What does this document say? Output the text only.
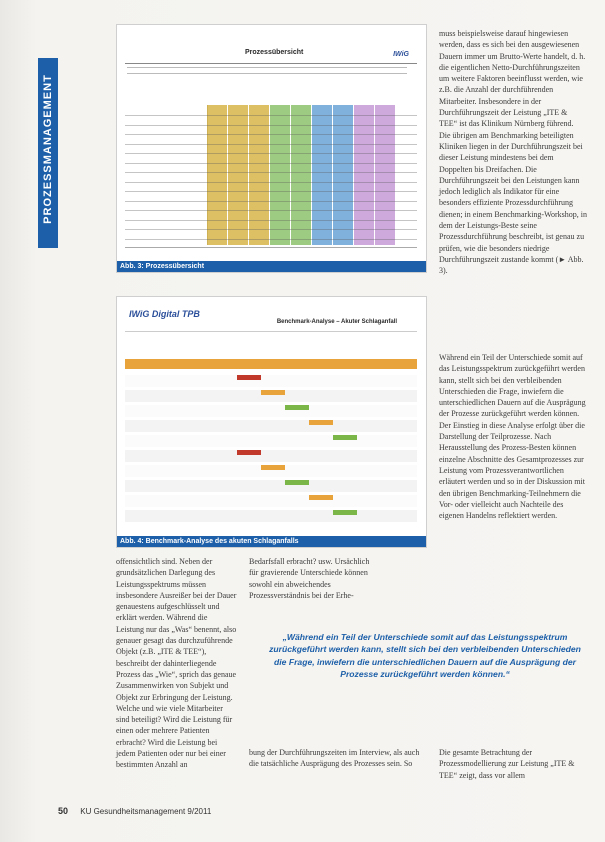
PROZESSMANAGEMENT
Prozessübersicht	IWiG
Abb. 3: Prozessübersicht
IWiG Digital TPB
Benchmark-Analyse – Akuter Schlaganfall
Abb. 4: Benchmark-Analyse des akuten Schlaganfalls
muss beispielsweise darauf hingewiesen werden, dass es sich bei den ausgewiesenen Dauern immer um Brutto-Werte handelt, d. h. die eigentlichen Netto-Durchführungszeiten um weitere Faktoren beeinflusst werden, wie z.B. die Anzahl der durchführenden Mitarbeiter. Insbesondere in der Durchführungszeit der Leistung „ITE & TEE“ ist das Klinikum Nürnberg führend. Die übrigen am Benchmarking beteiligten Kliniken liegen in der Durchführungszeit bei dieser Leistung mindestens bei dem Doppelten bis Dreifachen. Die Durchführungszeit bei den Leistungen kann jedoch lediglich als Indikator für eine besonders effiziente Prozessdurchführung dienen; in einem Benchmarking-Workshop, in dem der Leistungs-Beste seine Prozessdurchführung beschreibt, ist genau zu prüfen, wie die besonders niedrige Durchführungszeit zustande kommt (► Abb. 3).
Während ein Teil der Unterschiede somit auf das Leistungsspektrum zurückgeführt werden kann, stellt sich bei den verbleibenden Unterschieden die Frage, inwiefern die unterschiedlichen Dauern auf die Ausprägung der Prozesse zurückgeführt werden können. Der Einstieg in diese Analyse erfolgt über die Darstellung der Teilprozesse. Nach Herausstellung des Prozess-Besten können einzelne Abschnitte des Gesamtprozesses zur Leistung vom Prozessverantwortlichen erläutert werden und so in der Diskussion mit den übrigen Benchmarking-Teilnehmern die Vor- oder vielleicht auch Nachteile des eigenen Handelns reflektiert werden.
offensichtlich sind. Neben der grundsätzlichen Darlegung des Leistungsspektrums müssen insbesondere Ausreißer bei der Dauer genauestens aufgeschlüsselt und erklärt werden. Während die Leistung nur das „Was“ benennt, also genauer gesagt das durchzuführende Objekt (z.B. „ITE & TEE“), beschreibt der dahinterliegende Prozess das „Wie“, sprich das genaue Zusammenwirken von Subjekt und Objekt zur Erbringung der Leistung. Welche und wie viele Mitarbeiter sind beteiligt? Wird die Leistung für einen oder mehrere Patienten erbracht? Wird die Leistung bei jedem Patienten oder nur bei einer bestimmten Anzahl an
Bedarfsfall erbracht? usw. Ursächlich für gravierende Unterschiede können sowohl ein abweichendes Prozessverständnis bei der Erhe-
„Während ein Teil der Unterschiede somit auf das Leistungsspektrum zurückgeführt werden kann, stellt sich bei den verbleibenden Unterschieden die Frage, inwiefern die unterschiedlichen Dauern auf die Ausprägung der Prozesse zurückgeführt werden können.“
bung der Durchführungszeiten im Interview, als auch die tatsächliche Ausprägung des Prozesses sein. So
Die gesamte Betrachtung der Prozessmodellierung zur Leistung „ITE & TEE“ zeigt, dass vor allem
50 KU Gesundheitsmanagement 9/2011
